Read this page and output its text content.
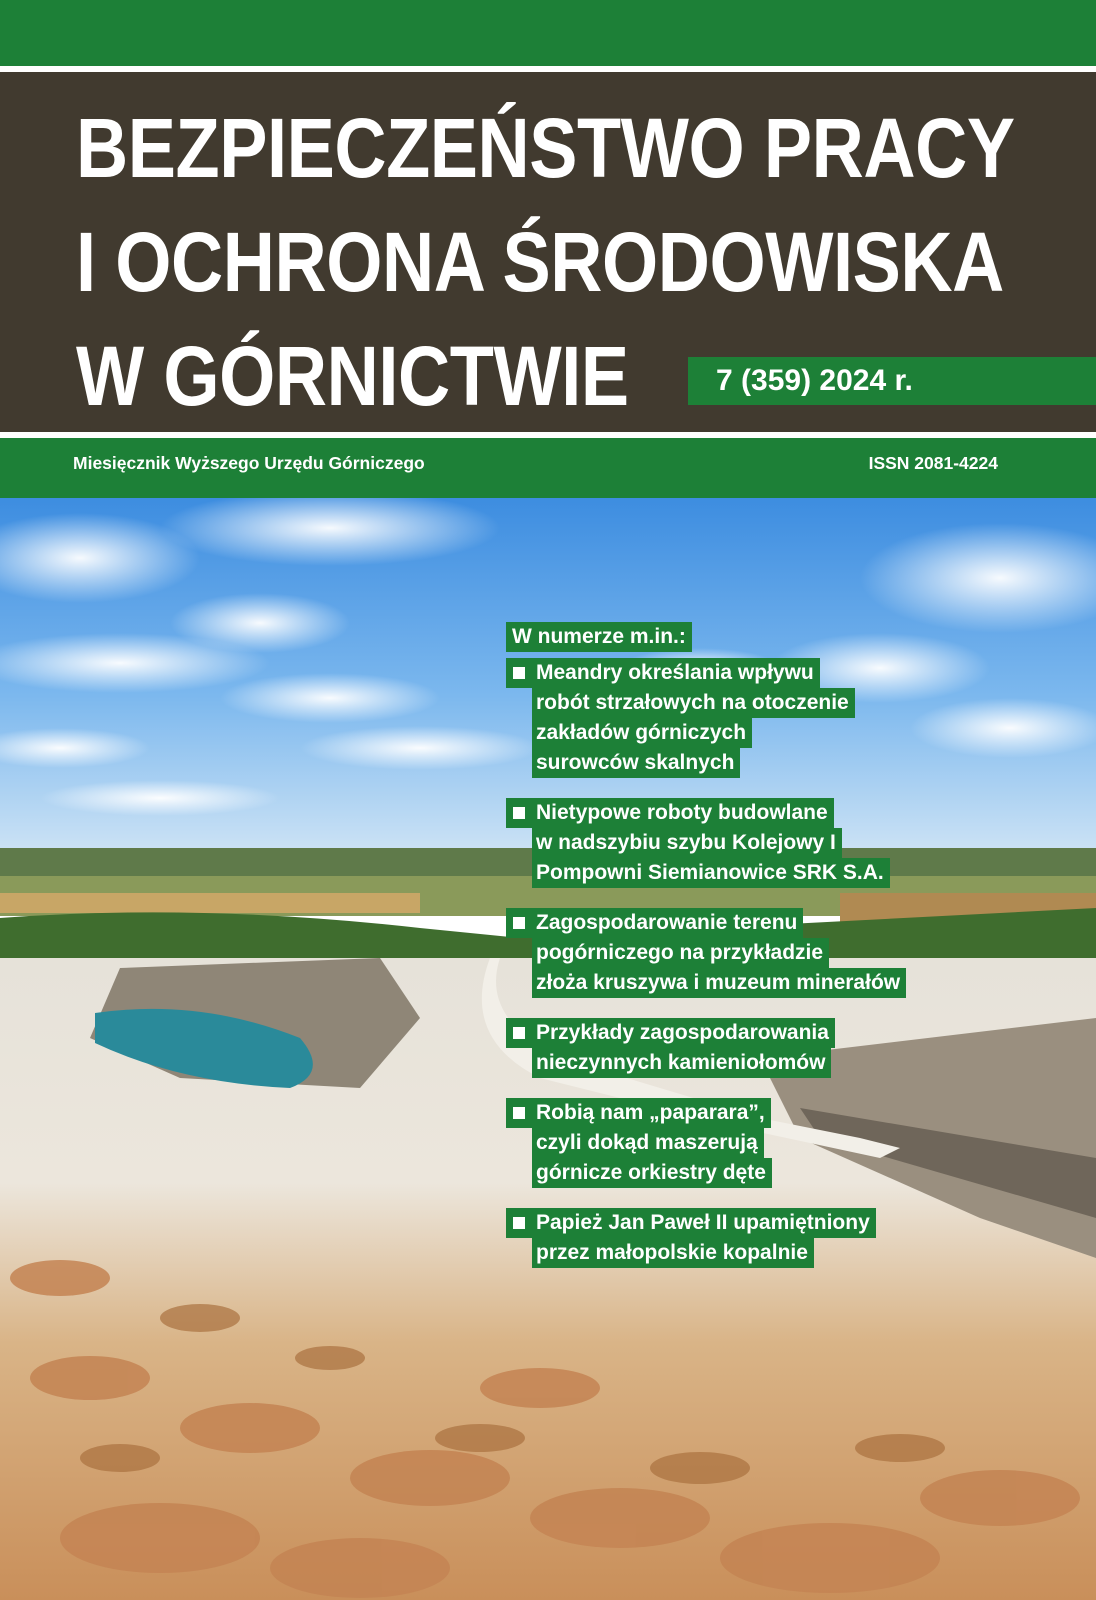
BEZPIECZEŃSTWO PRACY
I OCHRONA ŚRODOWISKA
W GÓRNICTWIE	7 (359) 2024 r.
Miesięcznik Wyższego Urzędu Górniczego	ISSN 2081-4224
W numerze m.in.:
Meandry określania wpływu
robót strzałowych na otoczenie
zakładów górniczych
surowców skalnych
Nietypowe roboty budowlane
w nadszybiu szybu Kolejowy I
Pompowni Siemianowice SRK S.A.
Zagospodarowanie terenu
pogórniczego na przykładzie
złoża kruszywa i muzeum minerałów
Przykłady zagospodarowania
nieczynnych kamieniołomów
Robią nam „paparara”,
czyli dokąd maszerują
górnicze orkiestry dęte
Papież Jan Paweł II upamiętniony
przez małopolskie kopalnie
